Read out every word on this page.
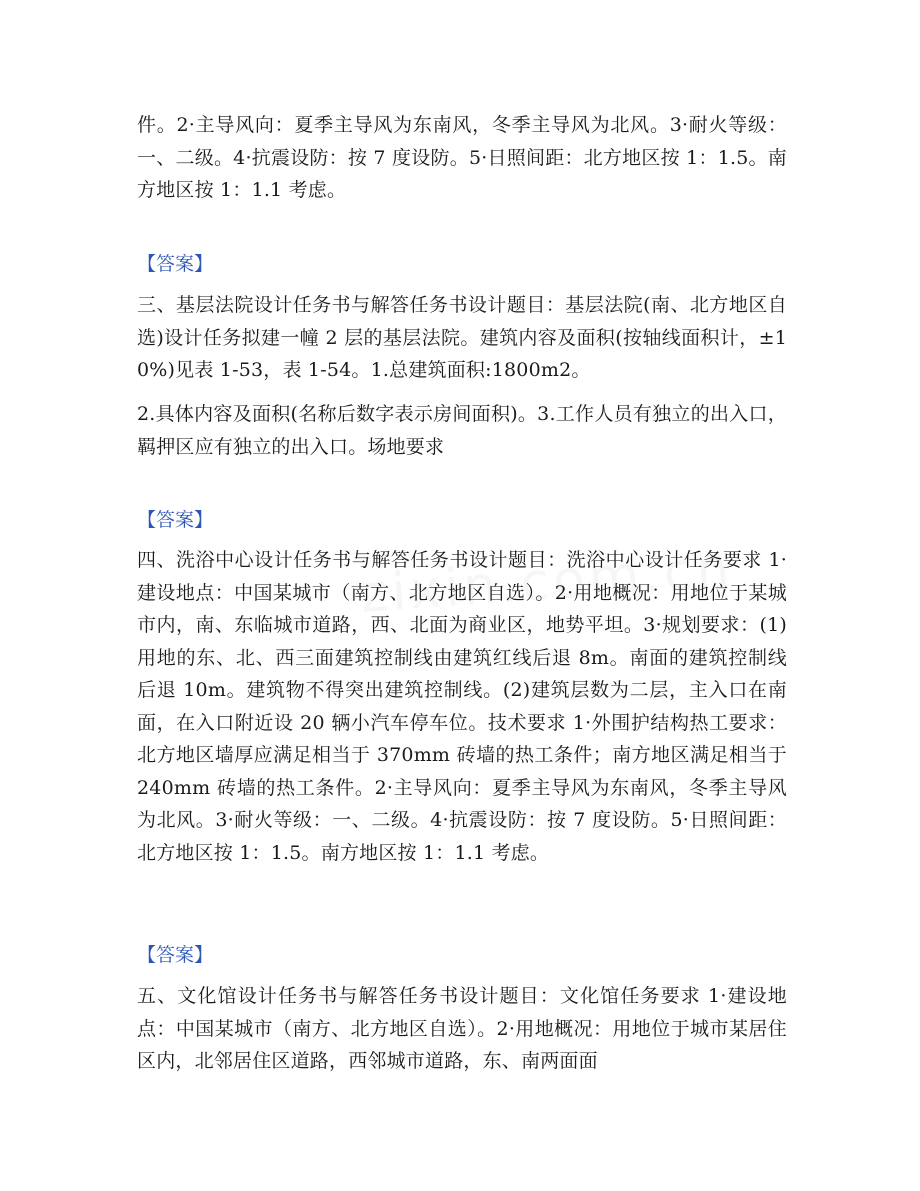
件。2·主导风向：夏季主导风为东南风，冬季主导风为北风。3·耐火等级：一、二级。4·抗震设防：按 7 度设防。5·日照间距：北方地区按 1：1.5。南方地区按 1：1.1 考虑。
【答案】
三、基层法院设计任务书与解答任务书设计题目：基层法院(南、北方地区自选)设计任务拟建一幢 2 层的基层法院。建筑内容及面积(按轴线面积计，±10%)见表 1-53，表 1-54。1.总建筑面积:1800m2。
2.具体内容及面积(名称后数字表示房间面积)。3.工作人员有独立的出入口，羁押区应有独立的出入口。场地要求
【答案】
四、洗浴中心设计任务书与解答任务书设计题目：洗浴中心设计任务要求 1·建设地点：中国某城市（南方、北方地区自选）。2·用地概况：用地位于某城市内，南、东临城市道路，西、北面为商业区，地势平坦。3·规划要求：(1)用地的东、北、西三面建筑控制线由建筑红线后退 8m。南面的建筑控制线后退 10m。建筑物不得突出建筑控制线。(2)建筑层数为二层，主入口在南面，在入口附近设 20 辆小汽车停车位。技术要求 1·外围护结构热工要求：北方地区墙厚应满足相当于 370mm 砖墙的热工条件；南方地区满足相当于 240mm 砖墙的热工条件。2·主导风向：夏季主导风为东南风，冬季主导风为北风。3·耐火等级：一、二级。4·抗震设防：按 7 度设防。5·日照间距：北方地区按 1：1.5。南方地区按 1：1.1 考虑。
【答案】
五、文化馆设计任务书与解答任务书设计题目：文化馆任务要求 1·建设地点：中国某城市（南方、北方地区自选）。2·用地概况：用地位于城市某居住区内，北邻居住区道路，西邻城市道路，东、南两面面
